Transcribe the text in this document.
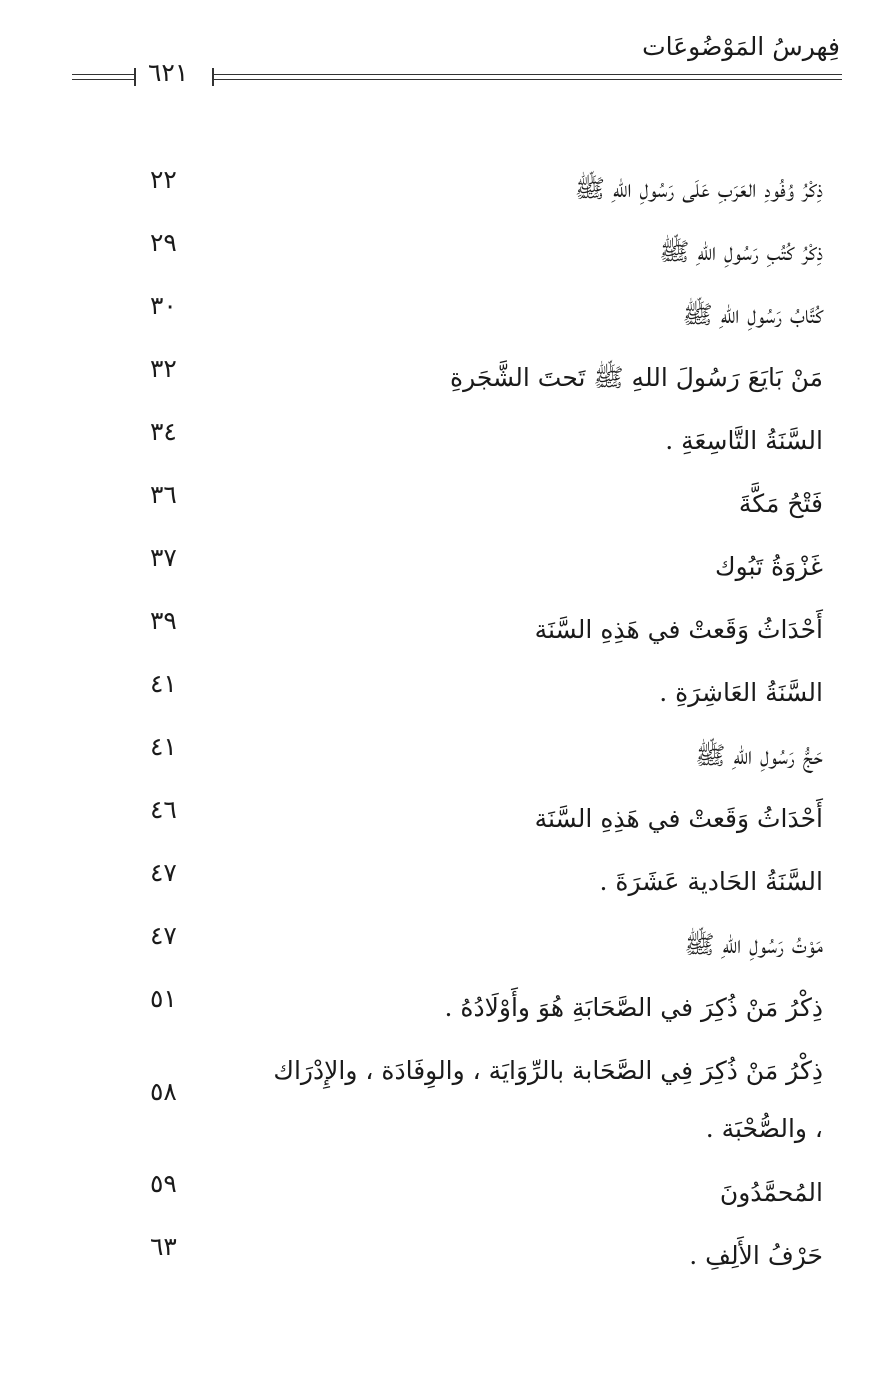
فِهرسُ المَوْضُوعَات
٦٢١
ذِكْرُ وُفُودِ العَرَبِ عَلَى رَسُولِ اللهِ ﷺ
٢٢
ذِكْرُ كُتُبِ رَسُولِ اللهِ ﷺ
٢٩
كُتَّابُ رَسُولِ اللهِ ﷺ
٣٠
مَنْ بَايَعَ رَسُولَ اللهِ ﷺ تَحتَ الشَّجَرةِ
٣٢
السَّنَةُ التَّاسِعَةِ .
٣٤
فَتْحُ مَكَّةَ
٣٦
غَزْوَةُ تَبُوك
٣٧
أَحْدَاثُ وَقَعتْ في هَذِهِ السَّنَة
٣٩
السَّنَةُ العَاشِرَةِ .
٤١
حَجُّ رَسُولِ اللهِ ﷺ
٤١
أَحْدَاثُ وَقَعتْ في هَذِهِ السَّنَة
٤٦
السَّنَةُ الحَادية عَشَرَةَ .
٤٧
مَوْتُ رَسُولِ اللهِ ﷺ
٤٧
ذِكْرُ مَنْ ذُكِرَ في الصَّحَابَةِ هُوَ وأَوْلَادُهُ .
٥١
ذِكْرُ مَنْ ذُكِرَ فِي الصَّحَابة بالرِّوَايَة ، والوِفَادَة ، والإِدْرَاك ، والصُّحْبَة .
٥٨
المُحمَّدُونَ
٥٩
حَرْفُ الأَلِفِ .
٦٣
